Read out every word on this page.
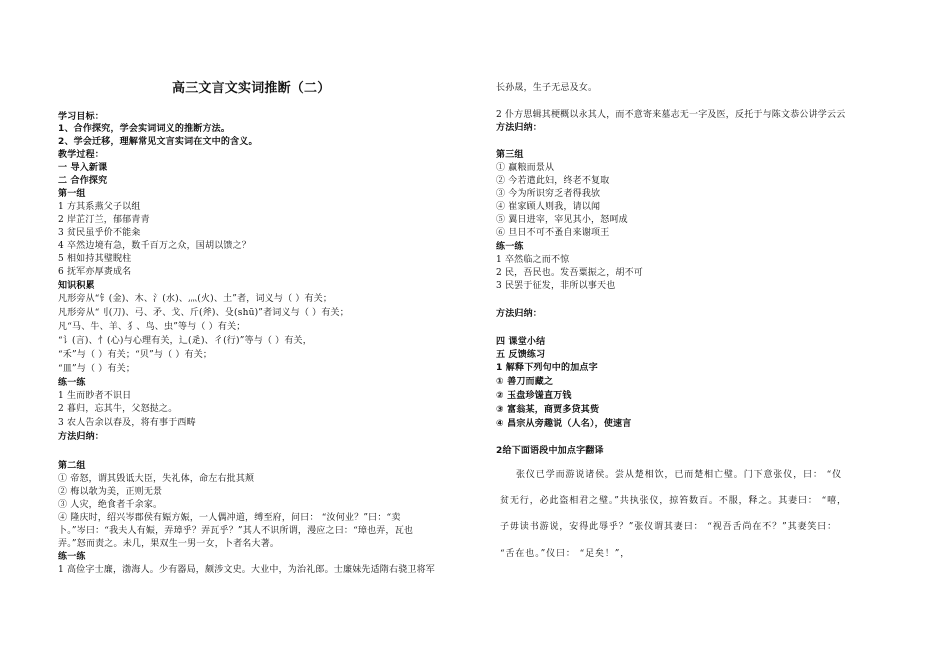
高三文言文实词推断（二）
学习目标：
1、合作探究，学会实词词义的推断方法。
2、学会迁移，理解常见文言实词在文中的含义。
教学过程：
一 导入新课
二 合作探究
第一组
1 方其系燕父子以组
2 岸芷汀兰，郁郁青青
3 贫民虽乎价不能籴
4 卒然边境有急，数千百万之众，国胡以馈之？
5 相如持其璧睨柱
6 抚军亦厚赉成名
知识积累
凡形旁从“钅(金)、木、氵(水)、灬(火)、土”者，词义与（ ）有关；
凡形旁从“刂(刀)、弓、矛、戈、斤(斧)、殳(shū)”者词义与（ ）有关；
凡“马、牛、羊、犭、鸟、虫”等与（ ）有关；
“讠(言)、忄(心)与心理有关，辶(辵)、彳(行)”等与（ ）有关，
“禾”与（ ）有关；“贝”与（ ）有关；
“皿”与（ ）有关；
练一练
1 生而眇者不识日
2 暮归，忘其牛，父怒挞之。
3 农人告余以春及，将有事于西畴
方法归纳：
第二组
① 帝怒，谓其毁诋大臣，失礼体，命左右批其颊
② 梅以欹为美，正则无景
③ 人灾，绝食者千余家。
④ 隆庆时，绍兴岑郡侯有娠方娠，一人偶冲道，缚至府，问曰： “汝何业？”曰：“卖
卜。”岑曰：“我夫人有娠，弄璋乎？弄瓦乎？”其人不识所谓，漫应之曰：“璋也弄，瓦也
弄。”怒而责之。未几，果双生一男一女，卜者名大著。
练一练
1 高俭字士廉，渤海人。少有器局，颇涉文史。大业中，为治礼郎。士廉妹先适隋右骁卫将军
长孙晟，生子无忌及女。
2 仆方思辑其梗概以永其人，而不意寄来墓志无一字及医，反托于与陈文恭公讲学云云
方法归纳：
第三组
① 赢粮而景从
② 今若遣此妇，终老不复取
③ 今为所识穷乏者得我欤
④ 崔家顾人则我，请以闻
⑤ 翼日进宰，宰见其小，怒呵成
⑥ 旦日不可不蚤自来谢项王
练一练
1 卒然临之而不惊
2 民，吾民也。发吾粟振之，胡不可
3 民罢于征发，非所以事天也
方法归纳：
四 课堂小结
五 反馈练习
1 解释下列句中的加点字
① 善刀而藏之
② 玉盘珍馐直万钱
③ 富翁某，商贾多贷其赀
④ 昌宗从旁趣说（人名），使速言
2给下面语段中加点字翻译
张仪已学而游说诸侯。尝从楚相饮，已而楚相亡璧。门下意张仪，曰： “仪
贫无行，必此盗相君之璧。”共执张仪，掠笞数百。不服，释之。其妻曰： “嘻，
子毋读书游说，安得此辱乎？”张仪谓其妻曰： “视吾舌尚在不？”其妻笑曰：
“舌在也。”仪曰： “足矣！”，
